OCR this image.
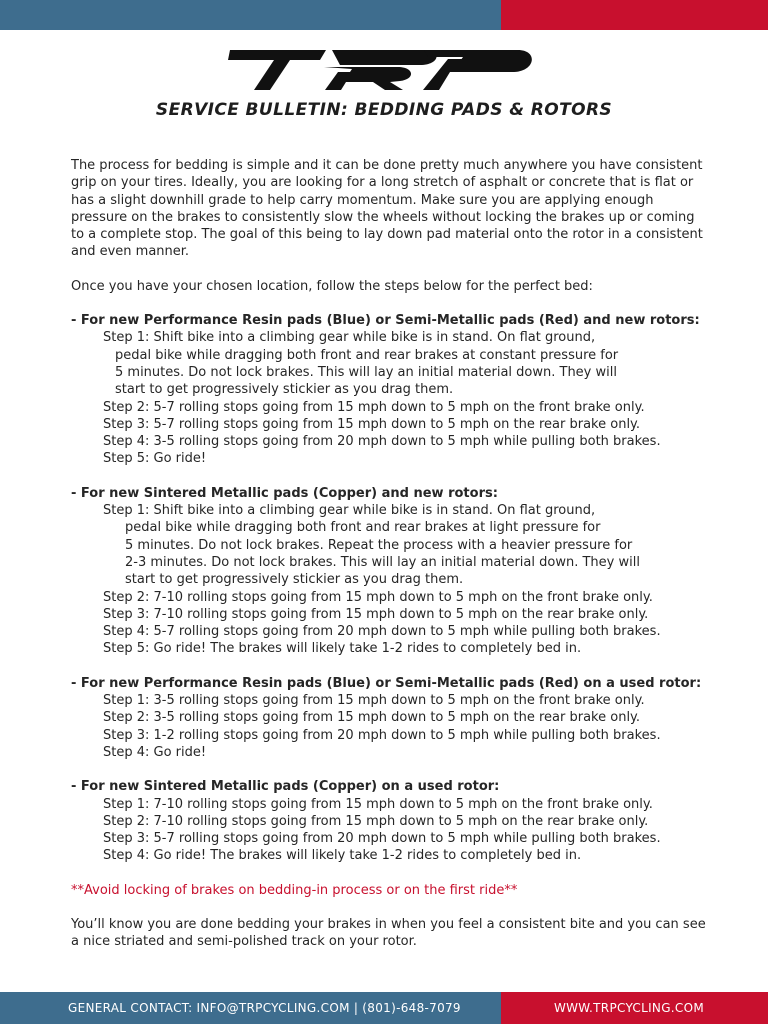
SERVICE BULLETIN: BEDDING PADS & ROTORS

The process for bedding is simple and it can be done pretty much anywhere you have consistent grip on your tires. Ideally, you are looking for a long stretch of asphalt or concrete that is flat or has a slight downhill grade to help carry momentum. Make sure you are applying enough pressure on the brakes to consistently slow the wheels without locking the brakes up or coming to a complete stop. The goal of this being to lay down pad material onto the rotor in a consistent and even manner.

Once you have your chosen location, follow the steps below for the perfect bed:

- For new Performance Resin pads (Blue) or Semi-Metallic pads (Red) and new rotors:
Step 1: Shift bike into a climbing gear while bike is in stand. On flat ground,
pedal bike while dragging both front and rear brakes at constant pressure for
5 minutes. Do not lock brakes. This will lay an initial material down. They will
start to get progressively stickier as you drag them.
Step 2: 5-7 rolling stops going from 15 mph down to 5 mph on the front brake only.
Step 3: 5-7 rolling stops going from 15 mph down to 5 mph on the rear brake only.
Step 4: 3-5 rolling stops going from 20 mph down to 5 mph while pulling both brakes.
Step 5: Go ride!
- For new Sintered Metallic pads (Copper) and new rotors:
Step 1: Shift bike into a climbing gear while bike is in stand. On flat ground,
pedal bike while dragging both front and rear brakes at light pressure for
5 minutes. Do not lock brakes. Repeat the process with a heavier pressure for
2-3 minutes. Do not lock brakes. This will lay an initial material down. They will
start to get progressively stickier as you drag them.
Step 2: 7-10 rolling stops going from 15 mph down to 5 mph on the front brake only.
Step 3: 7-10 rolling stops going from 15 mph down to 5 mph on the rear brake only.
Step 4: 5-7 rolling stops going from 20 mph down to 5 mph while pulling both brakes.
Step 5: Go ride! The brakes will likely take 1-2 rides to completely bed in.
- For new Performance Resin pads (Blue) or Semi-Metallic pads (Red) on a used rotor:
Step 1: 3-5 rolling stops going from 15 mph down to 5 mph on the front brake only.
Step 2: 3-5 rolling stops going from 15 mph down to 5 mph on the rear brake only.
Step 3: 1-2 rolling stops going from 20 mph down to 5 mph while pulling both brakes.
Step 4: Go ride!
- For new Sintered Metallic pads (Copper) on a used rotor:
Step 1: 7-10 rolling stops going from 15 mph down to 5 mph on the front brake only.
Step 2: 7-10 rolling stops going from 15 mph down to 5 mph on the rear brake only.
Step 3: 5-7 rolling stops going from 20 mph down to 5 mph while pulling both brakes.
Step 4: Go ride! The brakes will likely take 1-2 rides to completely bed in.

**Avoid locking of brakes on bedding-in process or on the first ride**

You’ll know you are done bedding your brakes in when you feel a consistent bite and you can see a nice striated and semi-polished track on your rotor.

GENERAL CONTACT: INFO@TRPCYCLING.COM | (801)-648-7079	WWW.TRPCYCLING.COM
